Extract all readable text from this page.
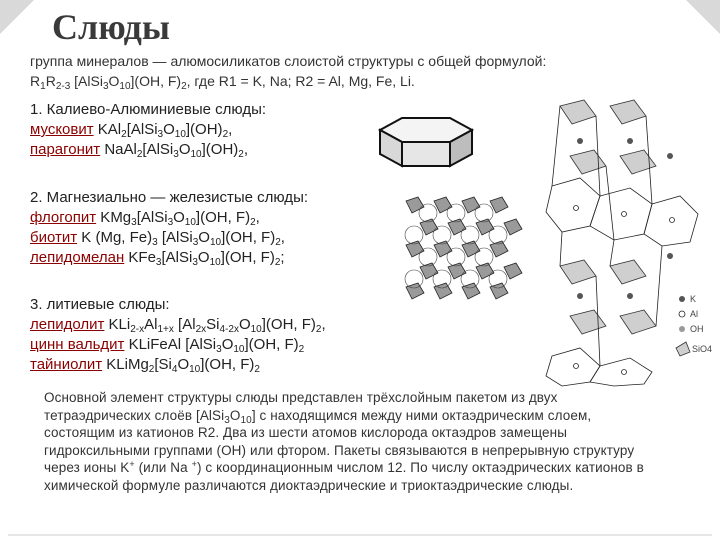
Слюды
группа минералов — алюмосиликатов слоистой структуры с общей формулой:
$R_1R_{2-3}$ $[AlSi_3O_{10}](OH$, $F)_2$, где R1 = K, Na; R2 = Al, Mg, Fe, Li.
1. Калиево-Алюминиевые слюды:
мусковит $KAl_2[AlSi_3O_{10}](OH)_2$,
парагонит $NaAl_2[AlSi_3O_{10}](OH)_2$,
2. Магнезиально — железистые слюды:
флогопит $KMg_3[AlSi_3O_{10}](OH$, $F)_2$,
биотит K (Mg, $Fe)_3$ $[AlSi_3O_{10}](OH$, $F)_2$,
лепидомелан $KFe_3[AlSi_3O_{10}](OH$, $F)_2$;
3. литиевые слюды:
лепидолит $KLi_{2-x}Al_{1+x}$ $[Al_{2x}Si_{4-2x}O_{10}](OH$, $F)_2$,
цинн вальдит KLiFeAl $[AlSi_3O_{10}](OH$, $F)_2$
тайниолит $KLiMg_2[Si_4O_{10}](OH$, $F)_2$
K
Al
OH
SiO4
Основной элемент структуры слюды представлен трёхслойным пакетом из двух тетраэдрических слоёв $[AlSi_3O_{10}]$ с находящимся между ними октаэдрическим слоем, состоящим из катионов R2. Два из шести атомов кислорода октаэдров замещены гидроксильными группами (ОН) или фтором. Пакеты связываются в непрерывную структуру через ионы K+ (или Na +) с координационным числом 12. По числу октаэдрических катионов в химической формуле различаются диоктаэдрические и триоктаэдрические слюды.
